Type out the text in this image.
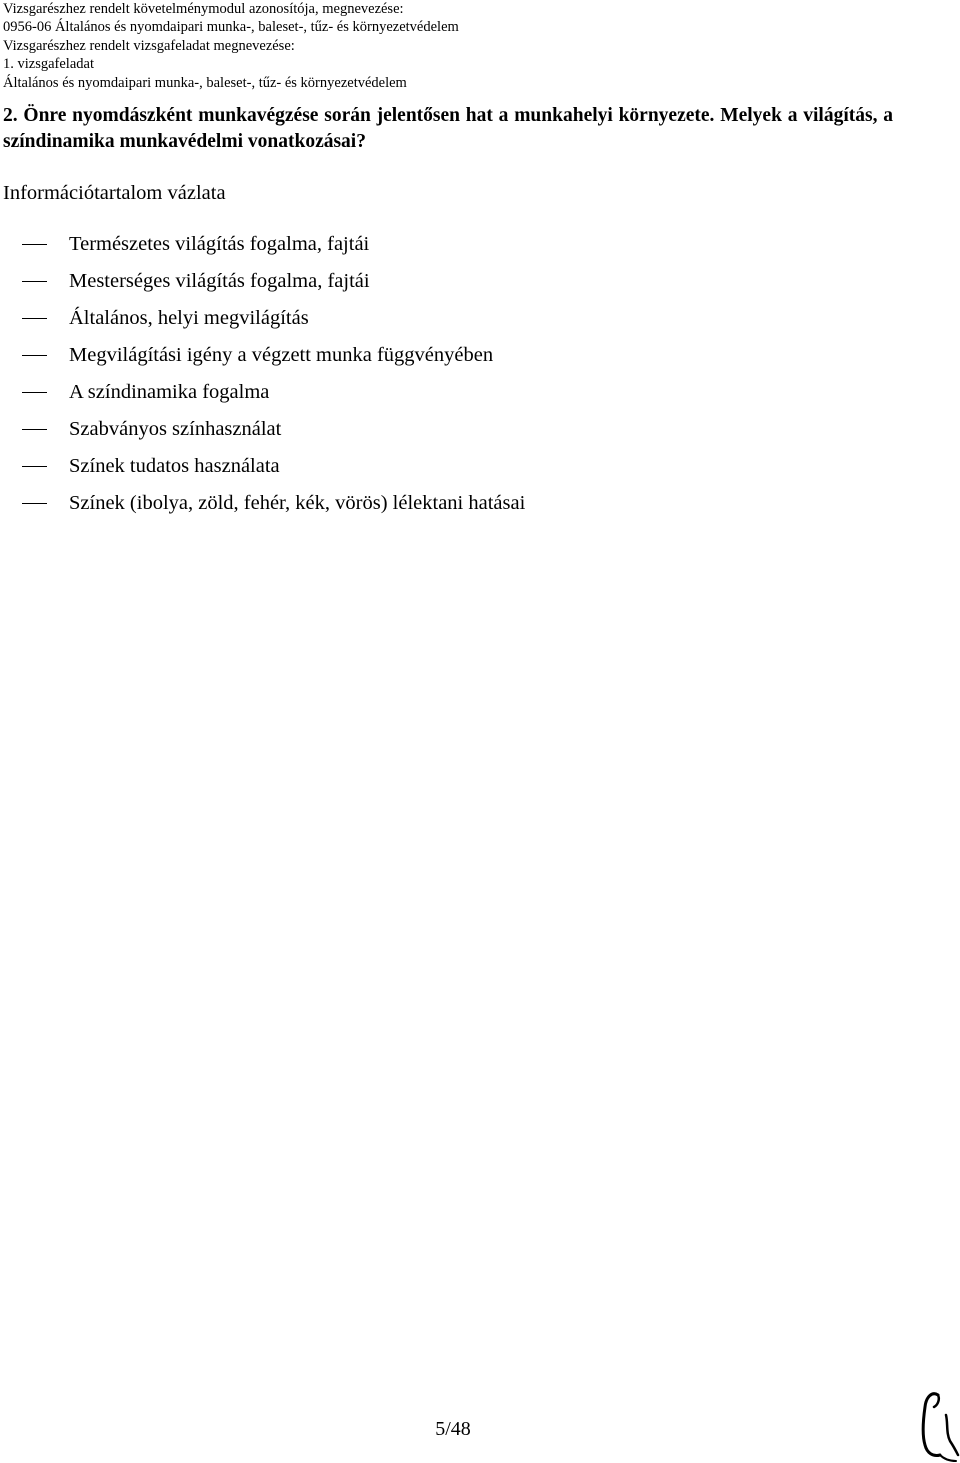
Vizsgarészhez rendelt követelménymodul azonosítója, megnevezése:

0956-06 Általános és nyomdaipari munka-, baleset-, tűz- és környezetvédelem

Vizsgarészhez rendelt vizsgafeladat megnevezése:

1. vizsgafeladat

Általános és nyomdaipari munka-, baleset-, tűz- és környezetvédelem

2. Önre nyomdászként munkavégzése során jelentősen hat a munkahelyi környezete. Melyek a világítás, a színdinamika munkavédelmi vonatkozásai?

Információtartalom vázlata

Természetes világítás fogalma, fajtái
Mesterséges világítás fogalma, fajtái
Általános, helyi megvilágítás
Megvilágítási igény a végzett munka függvényében
A színdinamika fogalma
Szabványos színhasználat
Színek tudatos használata
Színek (ibolya, zöld, fehér, kék, vörös) lélektani hatásai
5/48
